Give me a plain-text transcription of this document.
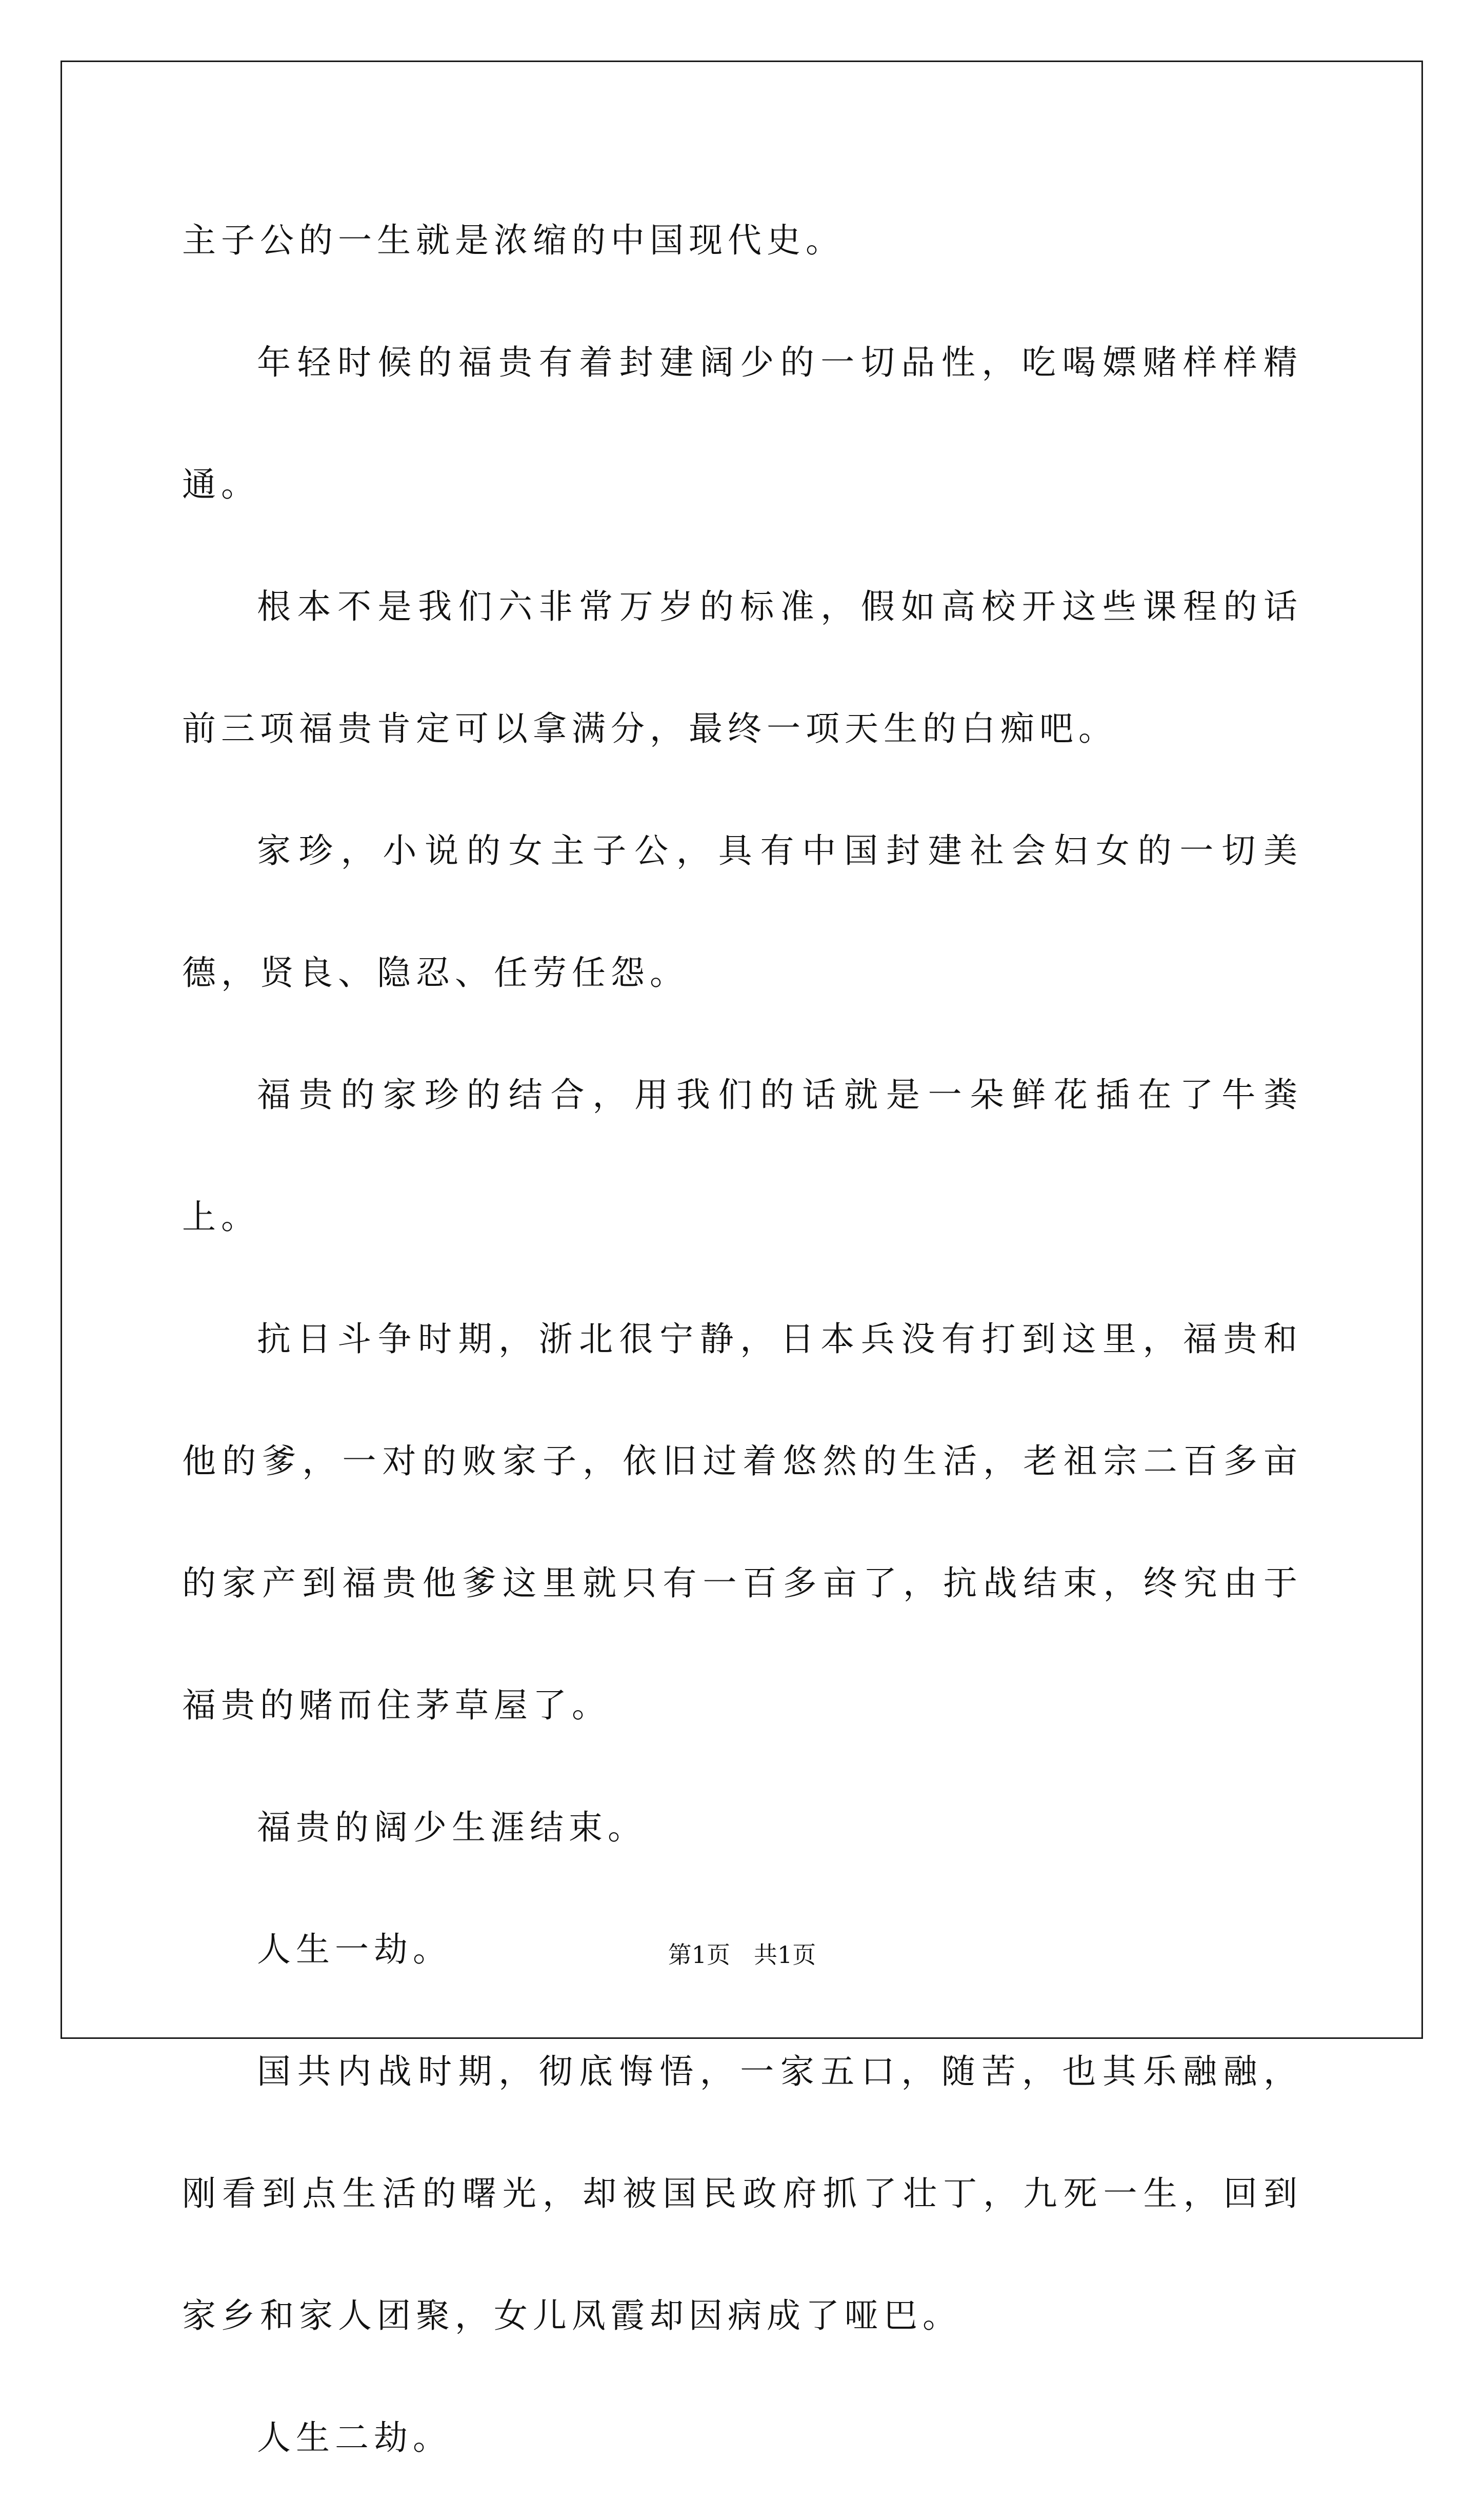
主子公的一生就是浓缩的中国现代史。

年轻时候的福贵有着封建阔少的一切品性，吃喝嫖赌样样精通。

根本不是我们六非常万岁的标准，假如高校开这些课程的话前三项福贵肯定可以拿满分，最终一项天生的白痴吧。

家珍，小说的女主子公，具有中国封建社会妇女的一切美德，贤良、隐忍、任劳任怨。

福贵的家珍的结合，用我们的话就是一朵鲜花插在了牛粪上。

抗日斗争时期，浙北很宁静，日本兵没有打到这里，福贵和他的爹，一对的败家子，依旧过着悠然的生活，老祖宗二百多亩的家产到福贵他爹这里就只有一百多亩了，抗战结束，终究由于福贵的赌而住茅草屋了。

福贵的阔少生涯结束。

人生一劫。

国共内战时期，彻底悔悟，一家五口，随苦，也其乐融融，刚看到点生活的曙光，却被国民政府抓了壮丁，九死一生，回到家乡和家人团聚，女儿凤霞却因病成了哑巴。

人生二劫。

第1页　共1页
